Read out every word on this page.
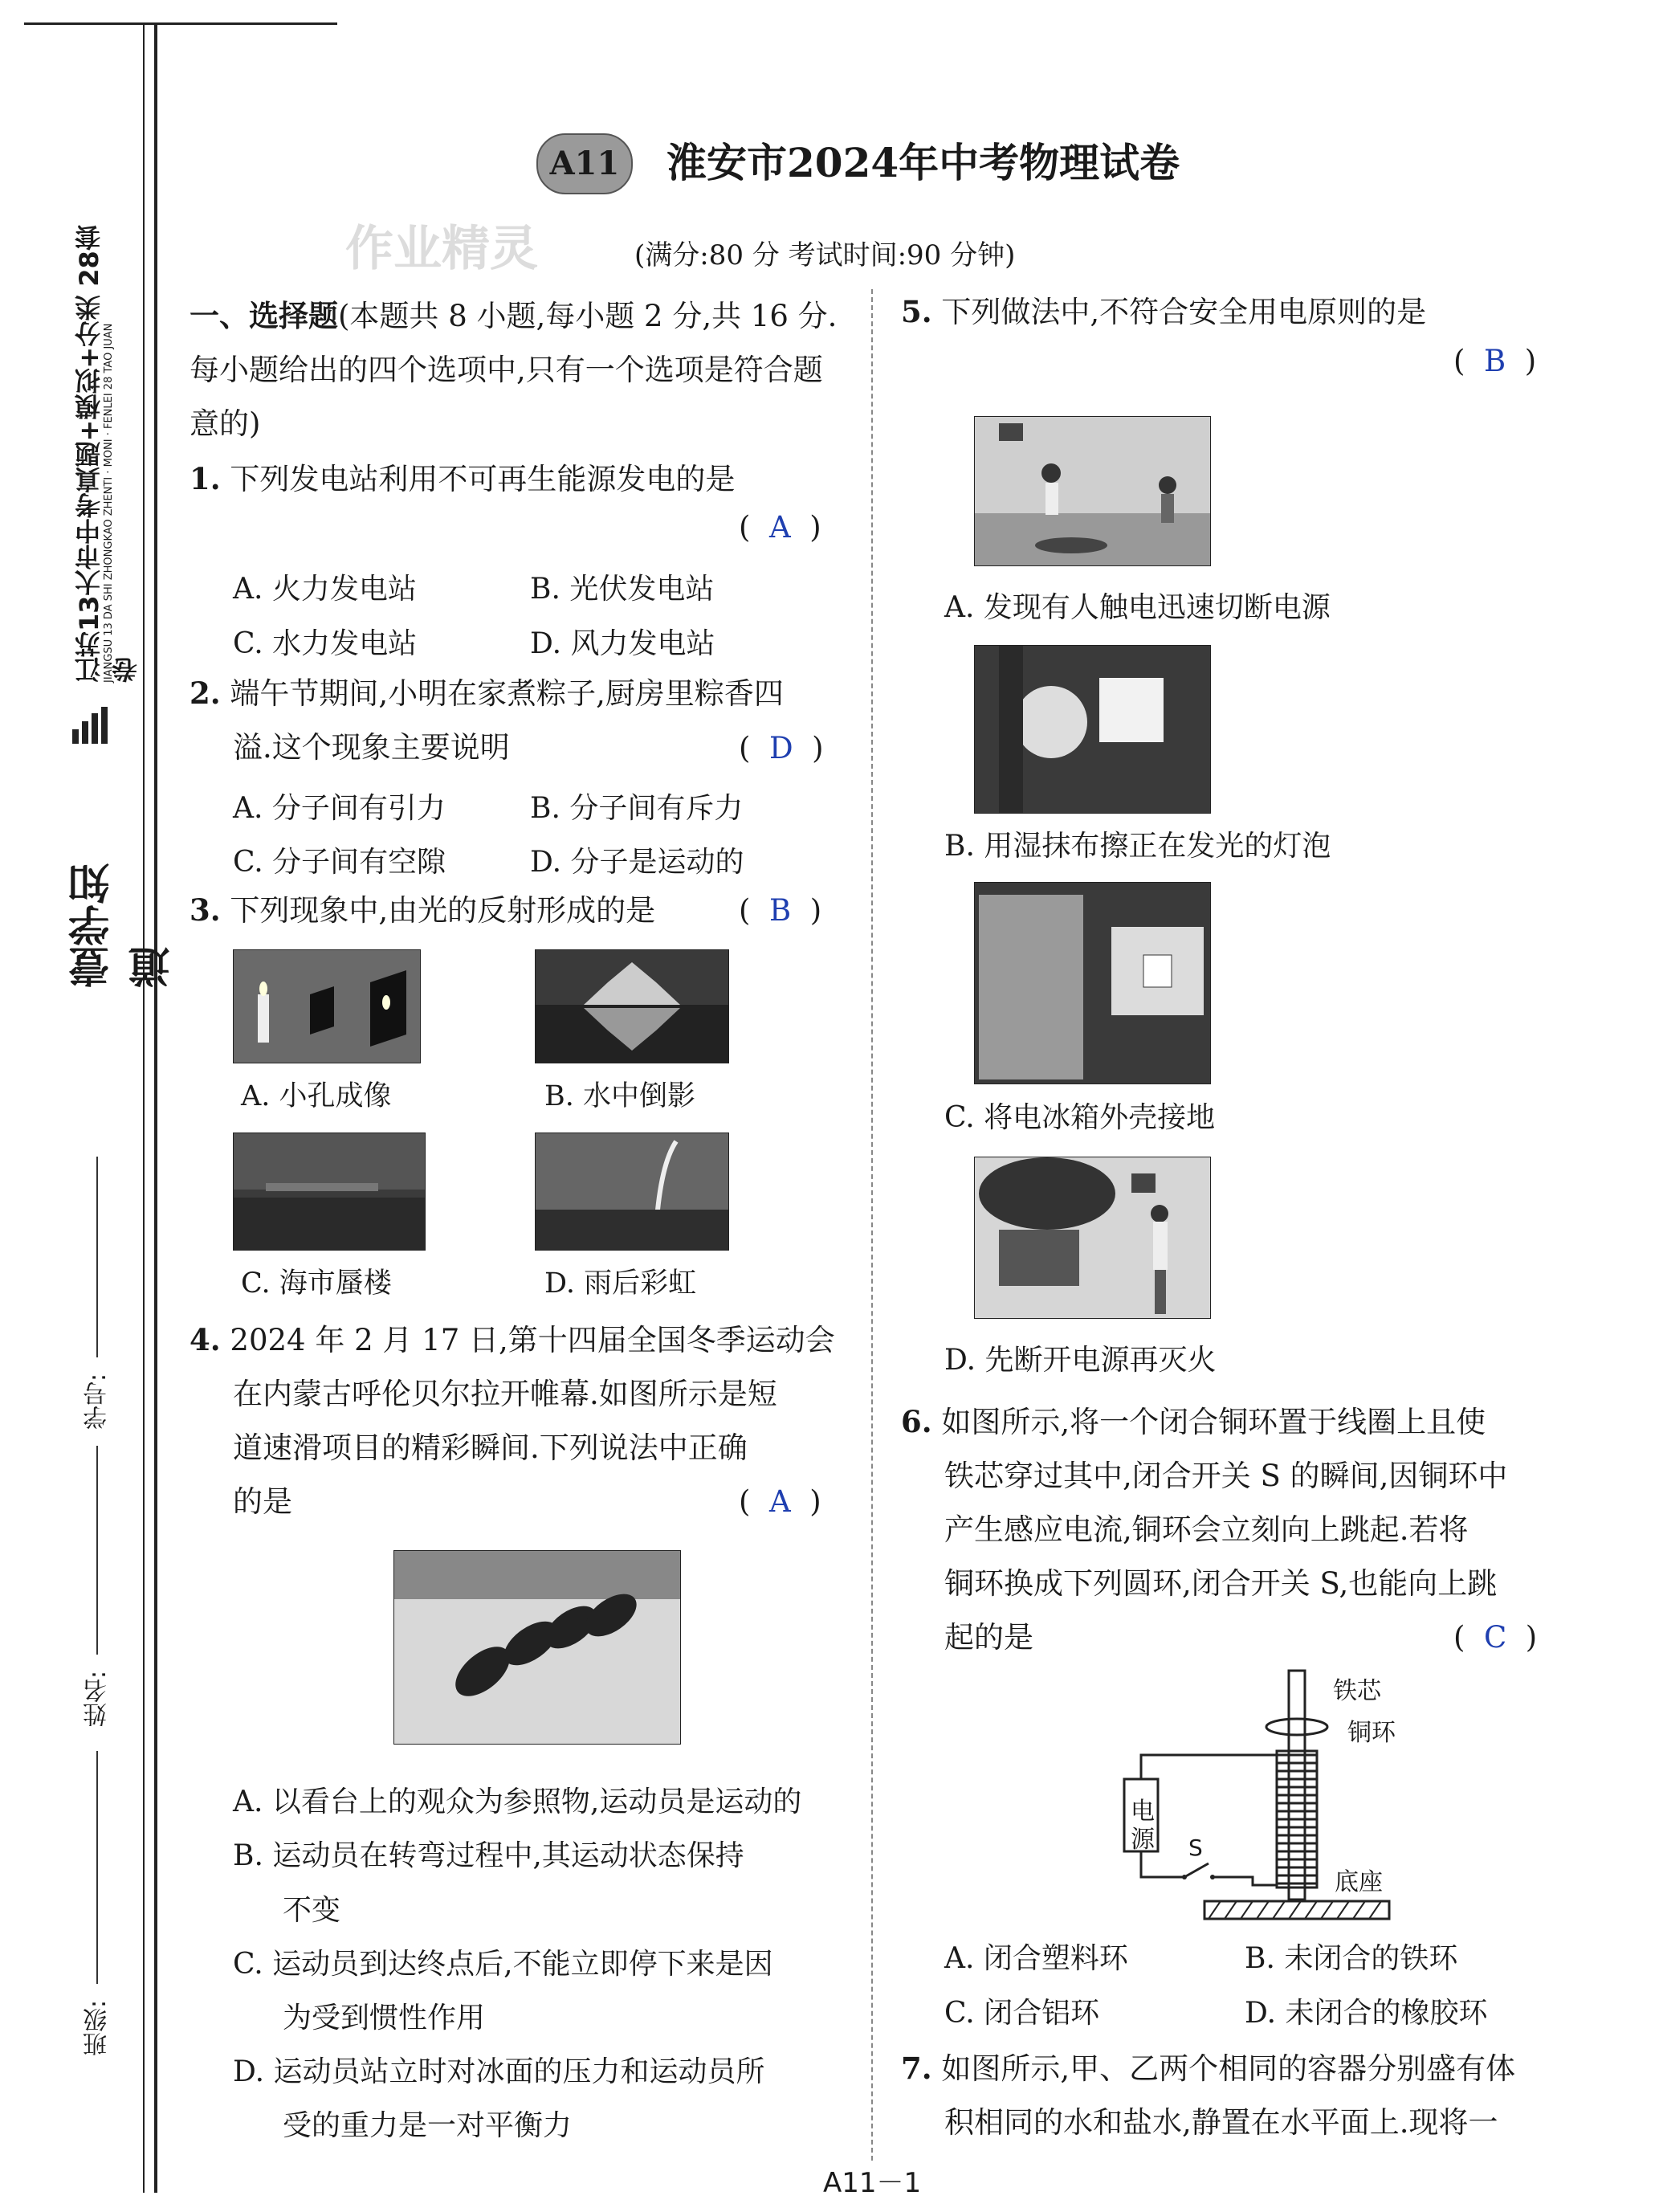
壹学知道
江苏13大市中考真题+模拟+分类 28套卷
JIANGSU 13 DA SHI ZHONGKAO ZHENTI · MONI · FENLEI 28 TAO JUAN
学号:
姓名:
班级:
A11	淮安市2024年中考物理试卷
作业精灵	(满分:80 分 考试时间:90 分钟)
一、选择题(本题共 8 小题,每小题 2 分,共 16 分.每小题给出的四个选项中,只有一个选项是符合题意的)
1. 下列发电站利用不可再生能源发电的是
(  A  )
A. 火力发电站	B. 光伏发电站
C. 水力发电站	D. 风力发电站
2. 端午节期间,小明在家煮粽子,厨房里粽香四
溢.这个现象主要说明	(  D  )
A. 分子间有引力	B. 分子间有斥力
C. 分子间有空隙	D. 分子是运动的
3. 下列现象中,由光的反射形成的是	(  B  )
A. 小孔成像	B. 水中倒影
C. 海市蜃楼	D. 雨后彩虹
4. 2024 年 2 月 17 日,第十四届全国冬季运动会
在内蒙古呼伦贝尔拉开帷幕.如图所示是短
道速滑项目的精彩瞬间.下列说法中正确
的是	(  A  )
A. 以看台上的观众为参照物,运动员是运动的
B. 运动员在转弯过程中,其运动状态保持
不变
C. 运动员到达终点后,不能立即停下来是因
为受到惯性作用
D. 运动员站立时对冰面的压力和运动员所
受的重力是一对平衡力
5. 下列做法中,不符合安全用电原则的是
(  B  )
A. 发现有人触电迅速切断电源
B. 用湿抹布擦正在发光的灯泡
C. 将电冰箱外壳接地
D. 先断开电源再灭火
6. 如图所示,将一个闭合铜环置于线圈上且使
铁芯穿过其中,闭合开关 S 的瞬间,因铜环中
产生感应电流,铜环会立刻向上跳起.若将
铜环换成下列圆环,闭合开关 S,也能向上跳
起的是	(  C  )
铁芯
铜环
电
源 S
底座
A. 闭合塑料环	B. 未闭合的铁环
C. 闭合铝环	D. 未闭合的橡胶环
7. 如图所示,甲、乙两个相同的容器分别盛有体
积相同的水和盐水,静置在水平面上.现将一
A11－1
